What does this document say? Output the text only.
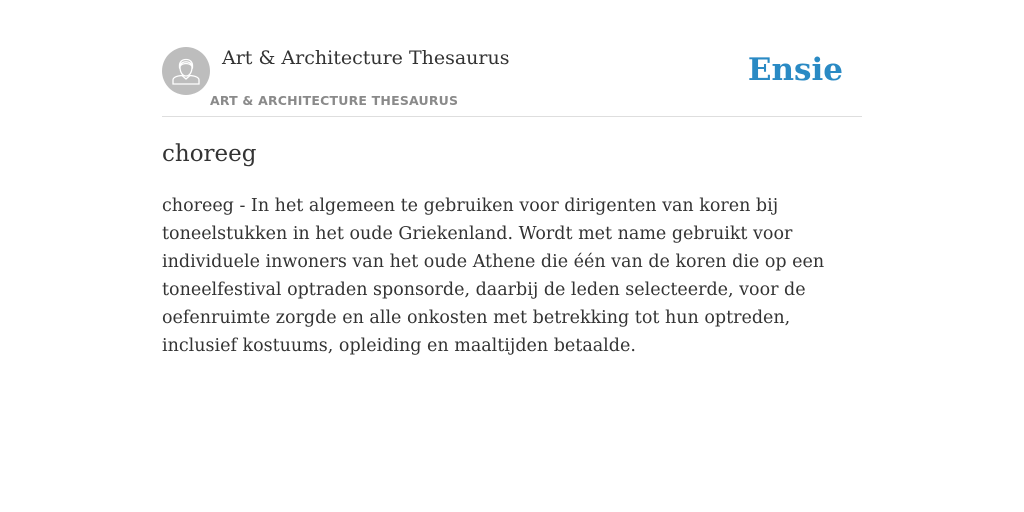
Art & Architecture Thesaurus
ART & ARCHITECTURE THESAURUS
Ensie
choreeg

choreeg - In het algemeen te gebruiken voor dirigenten van koren bij toneelstukken in het oude Griekenland. Wordt met name gebruikt voor individuele inwoners van het oude Athene die één van de koren die op een toneelfestival optraden sponsorde, daarbij de leden selecteerde, voor de oefenruimte zorgde en alle onkosten met betrekking tot hun optreden, inclusief kostuums, opleiding en maaltijden betaalde.
